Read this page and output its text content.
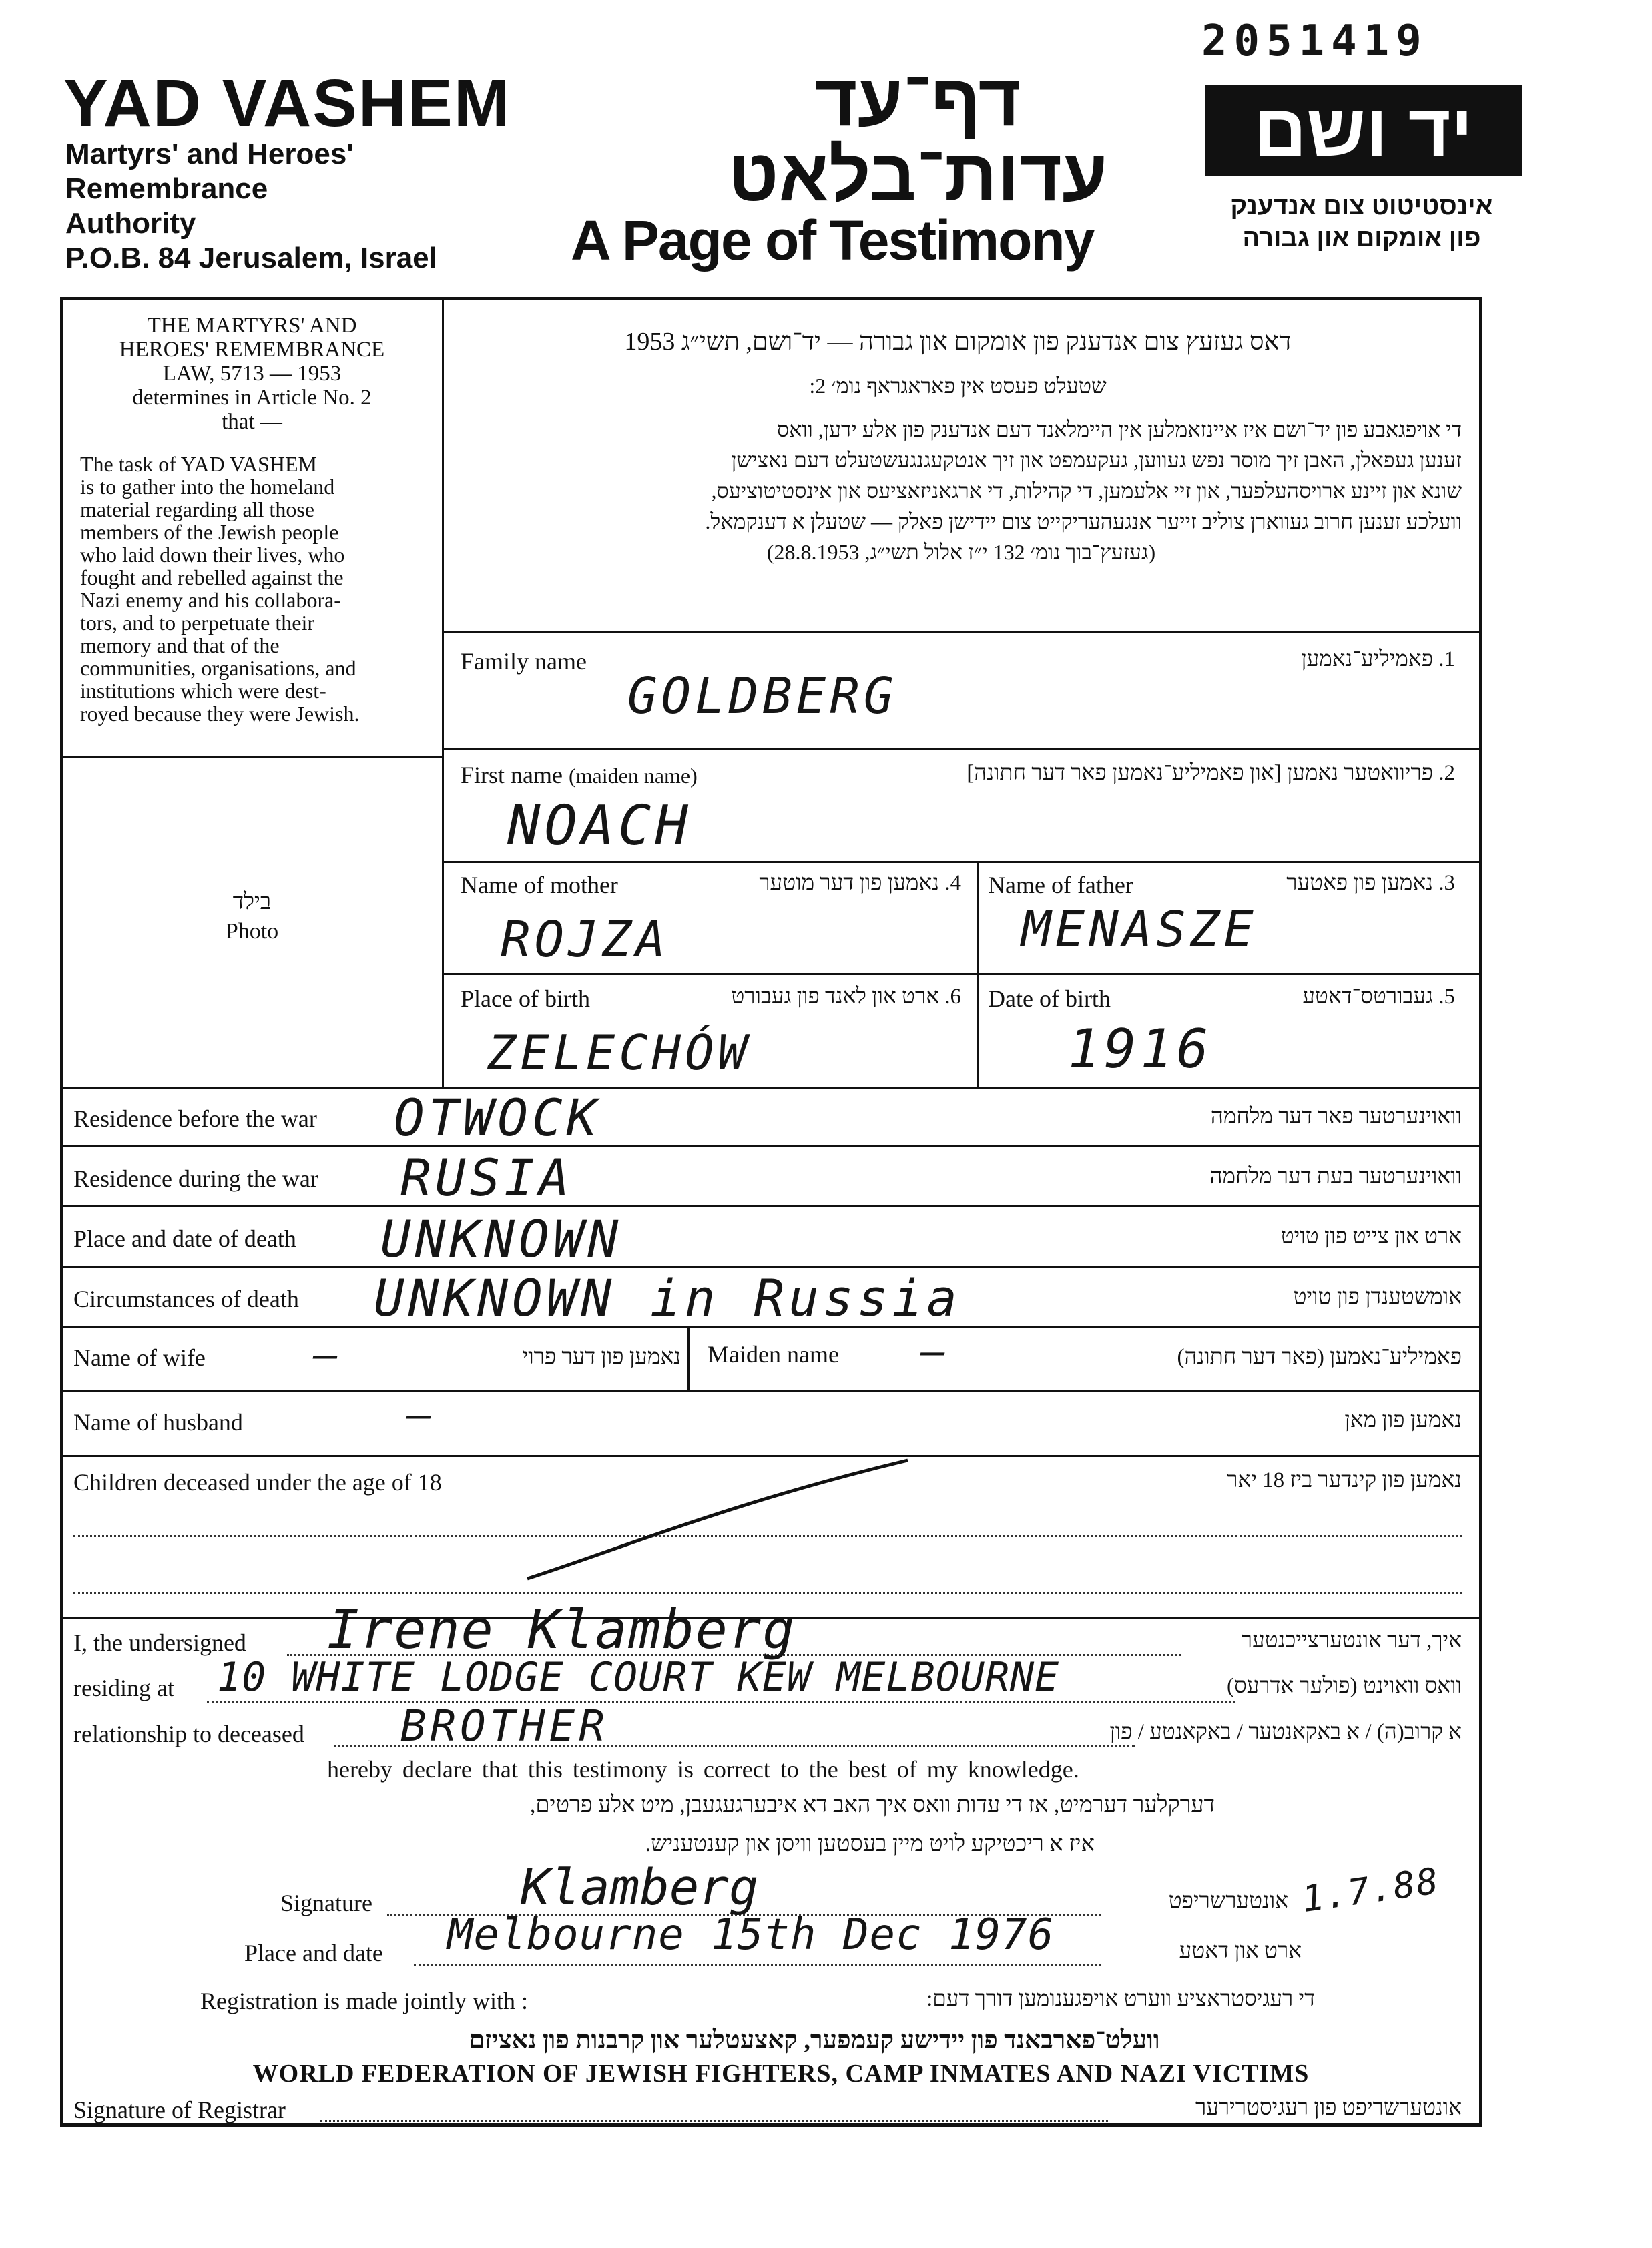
2051419
YAD VASHEM
Martyrs' and Heroes'
Remembrance
Authority
P.O.B. 84 Jerusalem, Israel
דף־עד
עדות־בלאט
A Page of Testimony
יד ושם
אינסטיטוט צום אנדענק
פון אומקום און גבורה
THE MARTYRS' AND
HEROES' REMEMBRANCE
LAW, 5713 — 1953
determines in Article No. 2
that —
The task of YAD VASHEM
is to gather into the homeland
material regarding all those
members of the Jewish people
who laid down their lives, who
fought and rebelled against the
Nazi enemy and his collabora-
tors, and to perpetuate their
memory and that of the
communities, organisations, and
institutions which were dest-
royed because they were Jewish.
בילד
Photo
דאס געזעץ צום אנדענק פון אומקום און גבורה — יד־ושם, תשי״ג 1953
שטעלט פעסט אין פאראגראף נומ׳ 2:
די אויפגאבע פון יד־ושם איז איינזאמלען אין היימלאנד דעם אנדענק פון אלע ידען, וואס
זענען געפאלן, האבן זיך מוסר נפש געווען, געקעמפט און זיך אנטקעגנגעשטעלט דעם נאצישן
שונא און זיינע ארויסהעלפער, און זיי אלעמען, די קהילות, די ארגאניזאציעס און אינסטיטוציעס,
וועלכע זענען חרוב געווארן צוליב זייער אנגעהעריקייט צום יידישן פאלק — שטעלן א דענקמאל.
(געזעץ־בוך נומ׳ 132 י״ז אלול תשי״ג, 28.8.1953)
Family name	1. פאמיליע־נאמען
GOLDBERG
First name (maiden name)	2. פריוואטער נאמען [און פאמיליע־נאמען פאר דער חתונה]
NOACH
Name of mother	4. נאמען פון דער מוטער
ROJZA
Name of father	3. נאמען פון פאטער
MENASZE
Place of birth	6. ארט און לאנד פון געבורט
ZELECHÓW
Date of birth	5. געבורטס־דאטע
1916
Residence before the war OTWOCK	וואוינערטער פאר דער מלחמה
Residence during the war RUSIA	וואוינערטער בעת דער מלחמה
Place and date of death UNKNOWN	ארט און צייט פון טויט
Circumstances of death UNKNOWN in Russia	אומשטענדן פון טויט
Name of wife	—	נאמען פון דער פרוי Maiden name —	פאמיליע־נאמען (פאר דער חתונה)
Name of husband	—	נאמען פון מאן
Children deceased under the age of 18	נאמען פון קינדער ביז 18 יאר
I, the undersigned Irene Klamberg	איך, דער אונטערצייכנטער
residing at 10 WHITE LODGE COURT KEW MELBOURNE	וואס וואוינט (פולער אדרעס)
relationship to deceased BROTHER	א קרוב(ה) / א באקאנטער / באקאנטע / פון
hereby declare that this testimony is correct to the best of my knowledge.
דערקלער דערמיט, אז די עדות וואס איך האב דא איבערגעגעבן, מיט אלע פרטים,
איז א ריכטיקע לויט מיין בעסטען וויסן און קענטעניש.
Signature	Klamberg	אונטערשריפט
Place and date Melbourne 15th Dec 1976	ארט און דאטע
1.7.88
Registration is made jointly with :	די רעגיסטראציע ווערט אויפגענומען דורך דעם:
וועלט־פארבאנד פון יידישע קעמפער, קאצעטלער און קרבנות פון נאציזם
WORLD FEDERATION OF JEWISH FIGHTERS, CAMP INMATES AND NAZI VICTIMS
Signature of Registrar	אונטערשריפט פון רעגיסטרירער
